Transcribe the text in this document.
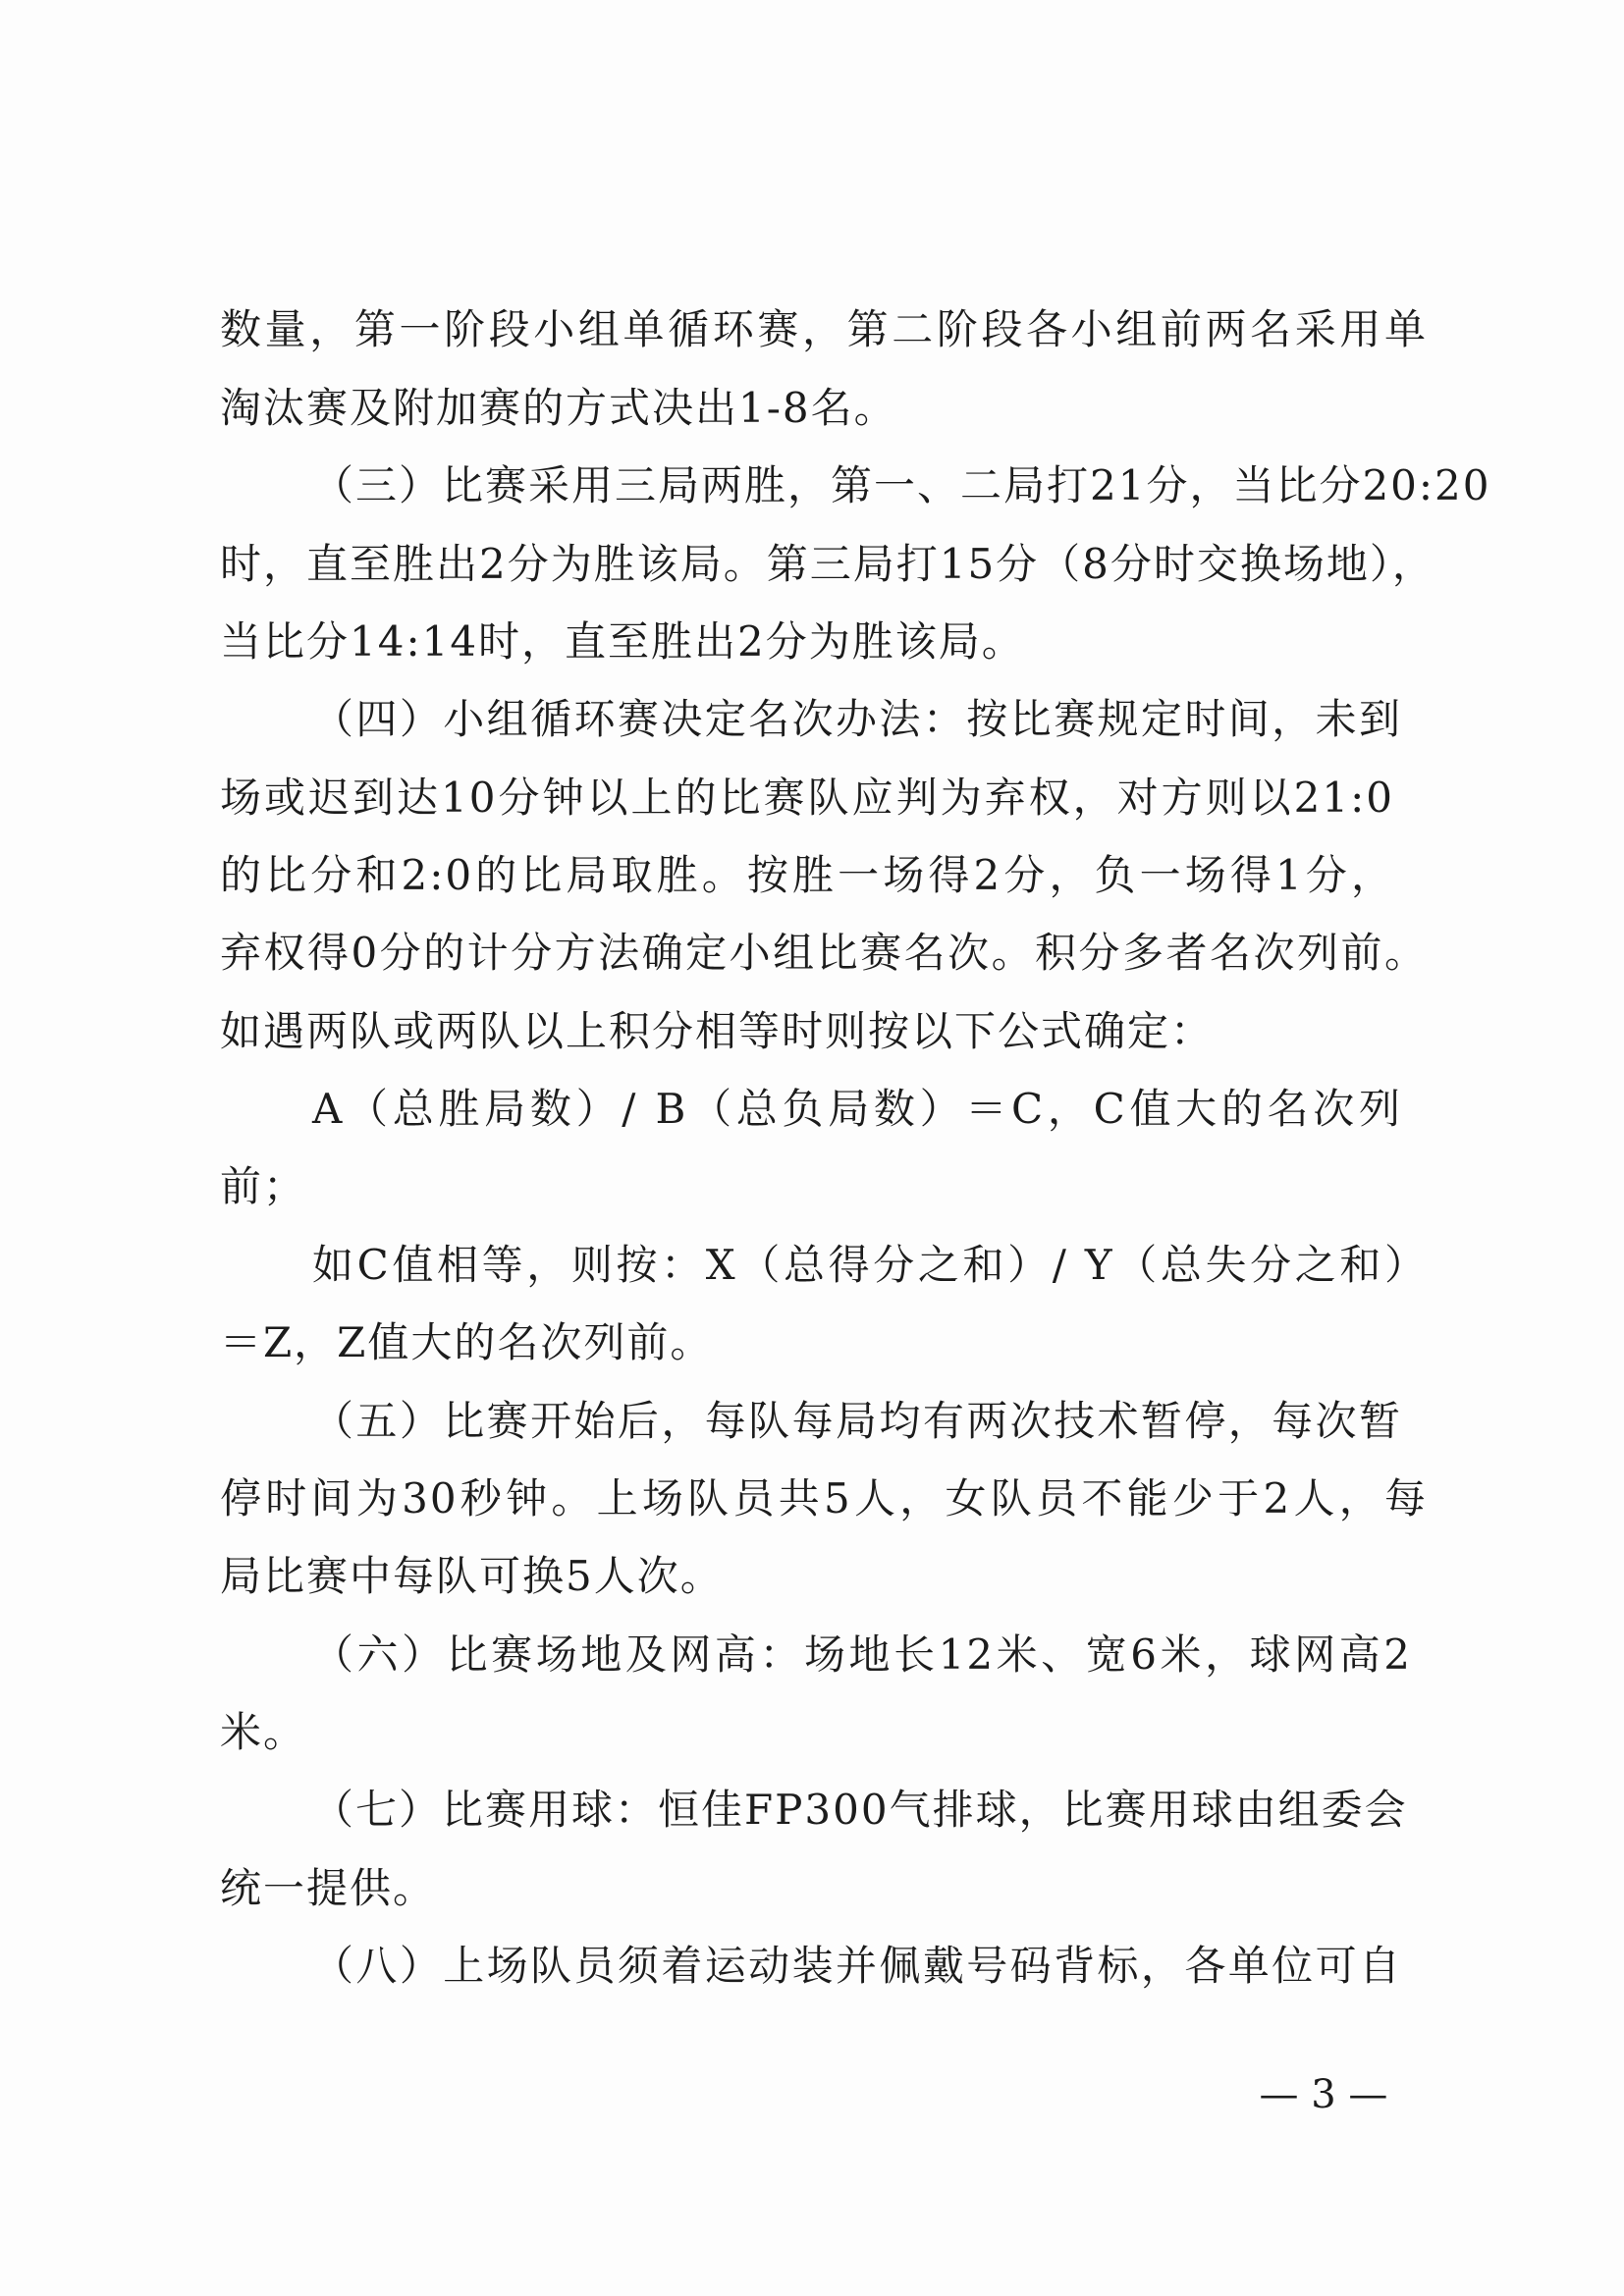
数量，第一阶段小组单循环赛，第二阶段各小组前两名采用单
淘汰赛及附加赛的方式决出1-8名。
（三）比赛采用三局两胜，第一、二局打21分，当比分20:20
时，直至胜出2分为胜该局。第三局打15分（8分时交换场地），
当比分14:14时，直至胜出2分为胜该局。
（四）小组循环赛决定名次办法：按比赛规定时间，未到
场或迟到达10分钟以上的比赛队应判为弃权，对方则以21:0
的比分和2:0的比局取胜。按胜一场得2分，负一场得1分，
弃权得0分的计分方法确定小组比赛名次。积分多者名次列前。
如遇两队或两队以上积分相等时则按以下公式确定：
A（总胜局数）/ B（总负局数）＝C，C值大的名次列
前；
如C值相等，则按：X（总得分之和）/ Y（总失分之和）
＝Z，Z值大的名次列前。
（五）比赛开始后，每队每局均有两次技术暂停，每次暂
停时间为30秒钟。上场队员共5人，女队员不能少于2人，每
局比赛中每队可换5人次。
（六）比赛场地及网高：场地长12米、宽6米，球网高2
米。
（七）比赛用球：恒佳FP300气排球，比赛用球由组委会
统一提供。
（八）上场队员须着运动装并佩戴号码背标，各单位可自
— 3 —
